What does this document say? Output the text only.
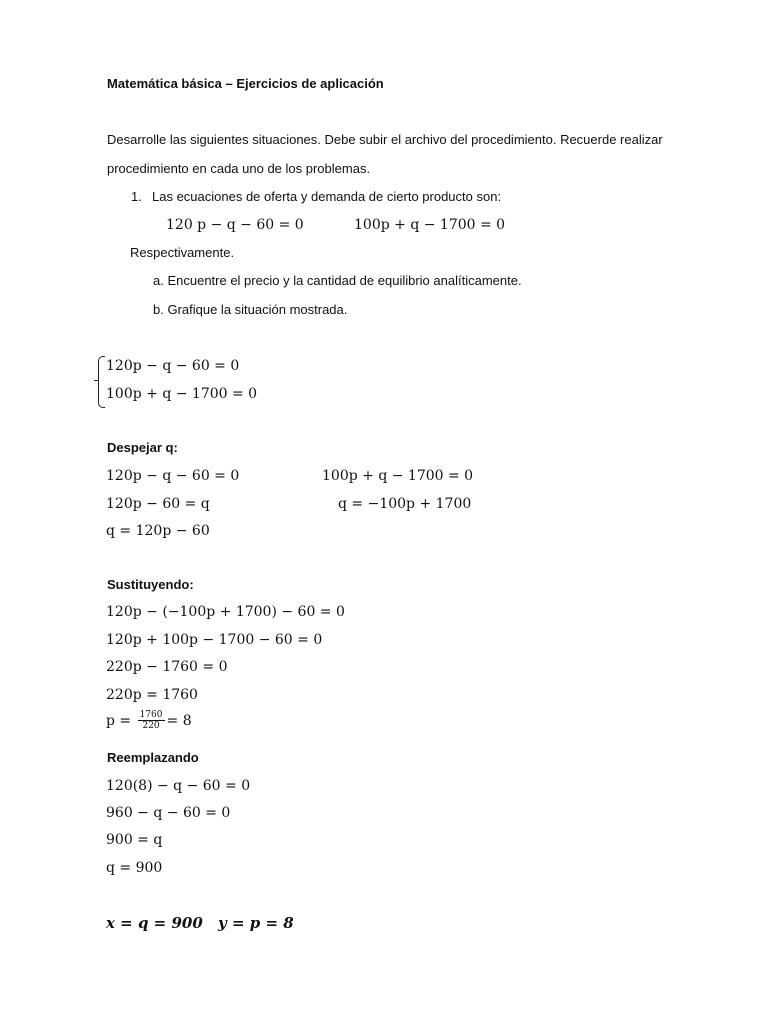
Matemática básica – Ejercicios de aplicación
Desarrolle las siguientes situaciones. Debe subir el archivo del procedimiento. Recuerde realizar
procedimiento en cada uno de los problemas.
1. Las ecuaciones de oferta y demanda de cierto producto son:
120 p − q − 60 = 0	100p + q − 1700 = 0
Respectivamente.
a. Encuentre el precio y la cantidad de equilibrio analíticamente.
b. Grafique la situación mostrada.
120p − q − 60 = 0
100p + q − 1700 = 0
Despejar q:
120p − q − 60 = 0
120p − 60 = q
q = 120p − 60
100p + q − 1700 = 0
q = −100p + 1700
Sustituyendo:
120p − (−100p + 1700) − 60 = 0
120p + 100p − 1700 − 60 = 0
220p − 1760 = 0
220p = 1760
$p = \frac{1760}{220} = 8$
Reemplazando
120(8) − q − 60 = 0
960 − q − 60 = 0
900 = q
q = 900
x = q = 900 y = p = 8
